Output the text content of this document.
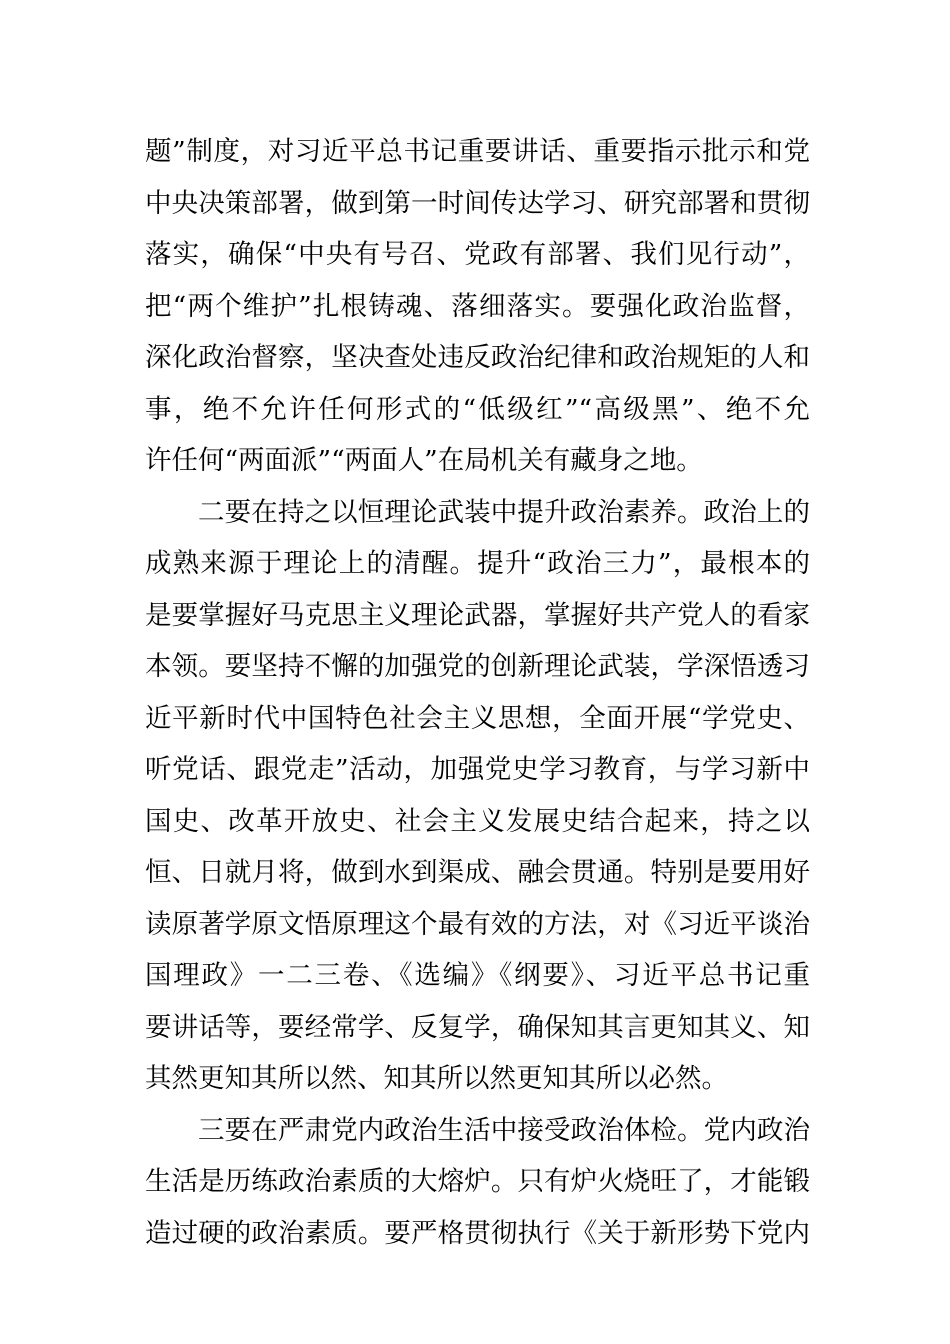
题”制度，对习近平总书记重要讲话、重要指示批示和党
中央决策部署，做到第一时间传达学习、研究部署和贯彻
落实，确保“中央有号召、党政有部署、我们见行动”，
把“两个维护”扎根铸魂、落细落实。要强化政治监督，
深化政治督察，坚决查处违反政治纪律和政治规矩的人和
事，绝不允许任何形式的“低级红”“高级黑”、绝不允
许任何“两面派”“两面人”在局机关有藏身之地。
二要在持之以恒理论武装中提升政治素养。政治上的
成熟来源于理论上的清醒。提升“政治三力”，最根本的
是要掌握好马克思主义理论武器，掌握好共产党人的看家
本领。要坚持不懈的加强党的创新理论武装，学深悟透习
近平新时代中国特色社会主义思想，全面开展“学党史、
听党话、跟党走”活动，加强党史学习教育，与学习新中
国史、改革开放史、社会主义发展史结合起来，持之以
恒、日就月将，做到水到渠成、融会贯通。特别是要用好
读原著学原文悟原理这个最有效的方法，对《习近平谈治
国理政》一二三卷、《选编》《纲要》、习近平总书记重
要讲话等，要经常学、反复学，确保知其言更知其义、知
其然更知其所以然、知其所以然更知其所以必然。
三要在严肃党内政治生活中接受政治体检。党内政治
生活是历练政治素质的大熔炉。只有炉火烧旺了，才能锻
造过硬的政治素质。要严格贯彻执行《关于新形势下党内
